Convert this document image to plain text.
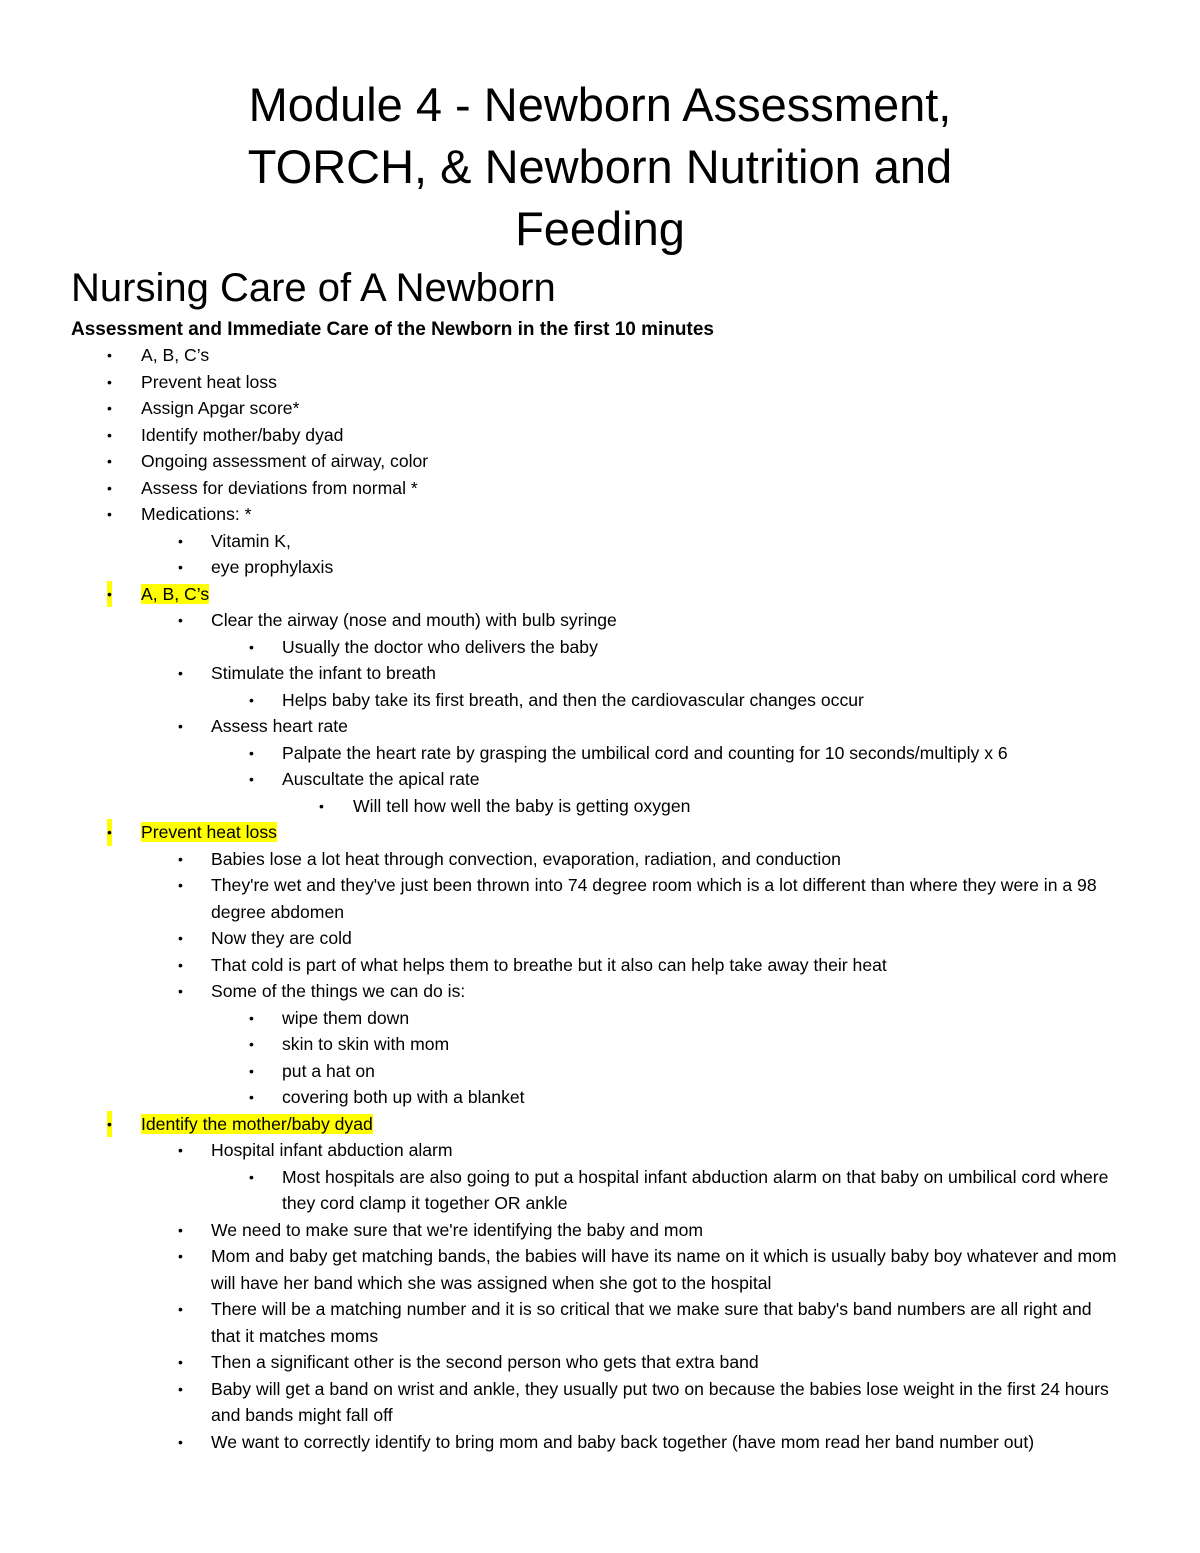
Module 4 - Newborn Assessment,
TORCH, & Newborn Nutrition and
Feeding
Nursing Care of A Newborn
Assessment and Immediate Care of the Newborn in the first 10 minutes
• A, B, C’s
• Prevent heat loss
• Assign Apgar score*
• Identify mother/baby dyad
• Ongoing assessment of airway, color
• Assess for deviations from normal *
• Medications: *
• Vitamin K,
• eye prophylaxis
• A, B, C’s
• Clear the airway (nose and mouth) with bulb syringe
• Usually the doctor who delivers the baby
• Stimulate the infant to breath
• Helps baby take its first breath, and then the cardiovascular changes occur
• Assess heart rate
• Palpate the heart rate by grasping the umbilical cord and counting for 10 seconds/multiply x 6
• Auscultate the apical rate
• Will tell how well the baby is getting oxygen
• Prevent heat loss
• Babies lose a lot heat through convection, evaporation, radiation, and conduction
• They're wet and they've just been thrown into 74 degree room which is a lot different than where they were in a 98 degree abdomen
• Now they are cold
• That cold is part of what helps them to breathe but it also can help take away their heat
• Some of the things we can do is:
• wipe them down
• skin to skin with mom
• put a hat on
• covering both up with a blanket
• Identify the mother/baby dyad
• Hospital infant abduction alarm
• Most hospitals are also going to put a hospital infant abduction alarm on that baby on umbilical cord where they cord clamp it together OR ankle
• We need to make sure that we're identifying the baby and mom
• Mom and baby get matching bands, the babies will have its name on it which is usually baby boy whatever and mom will have her band which she was assigned when she got to the hospital
• There will be a matching number and it is so critical that we make sure that baby's band numbers are all right and that it matches moms
• Then a significant other is the second person who gets that extra band
• Baby will get a band on wrist and ankle, they usually put two on because the babies lose weight in the first 24 hours and bands might fall off
• We want to correctly identify to bring mom and baby back together (have mom read her band number out)
